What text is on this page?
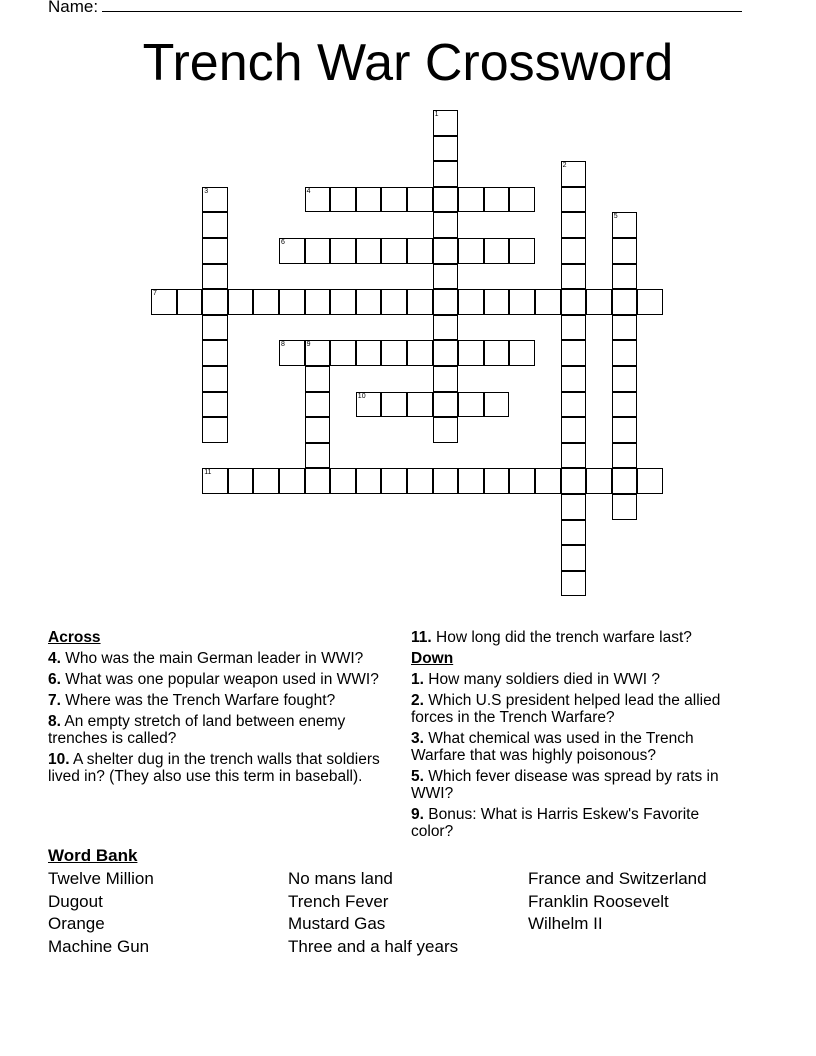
Name:
Trench War Crossword
1
2
3	4
5
6
7
8	9
10
11
Across
4. Who was the main German leader in WWI?
6. What was one popular weapon used in WWI?
7. Where was the Trench Warfare fought?
8. An empty stretch of land between enemy trenches is called?
10. A shelter dug in the trench walls that soldiers lived in? (They also use this term in baseball).
11. How long did the trench warfare last?
Down
1. How many soldiers died in WWI ?
2. Which U.S president helped lead the allied forces in the Trench Warfare?
3. What chemical was used in the Trench Warfare that was highly poisonous?
5. Which fever disease was spread by rats in WWI?
9. Bonus: What is Harris Eskew's Favorite color?
Word Bank
Twelve Million	No mans land	France and Switzerland
Dugout	Trench Fever	Franklin Roosevelt
Orange	Mustard Gas	Wilhelm II
Machine Gun	Three and a half years
